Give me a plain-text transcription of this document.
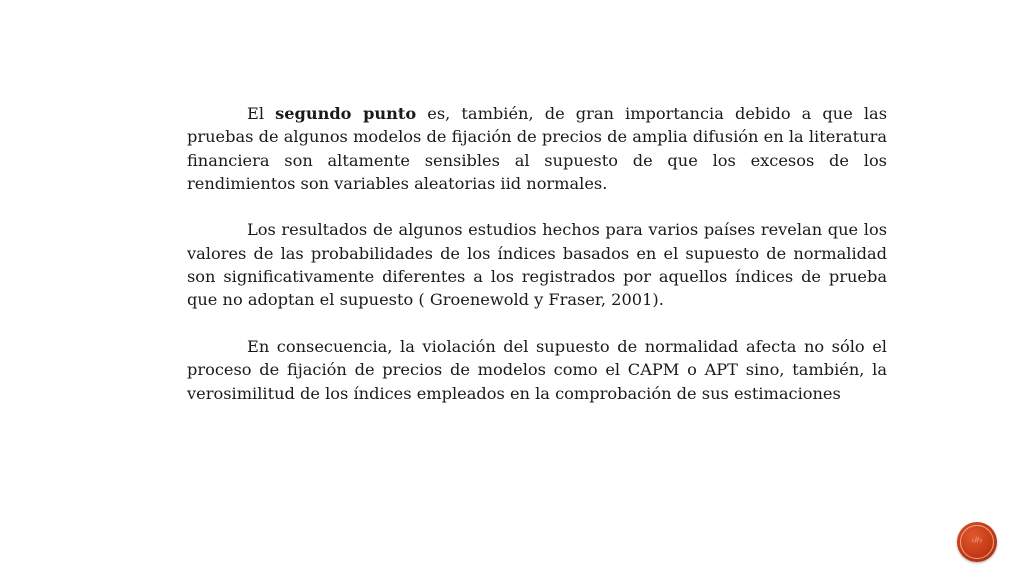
El segundo punto es, también, de gran importancia debido a que las pruebas de algunos modelos de fijación de precios de amplia difusión en la literatura financiera son altamente sensibles al supuesto de que los excesos de los rendimientos son variables aleatorias iid normales.

Los resultados de algunos estudios hechos para varios países revelan que los valores de las probabilidades de los índices basados en el supuesto de normalidad son significativamente diferentes a los registrados por aquellos índices de prueba que no adoptan el supuesto ( Groenewold y Fraser, 2001).

En consecuencia, la violación del supuesto de normalidad afecta no sólo el proceso de fijación de precios de modelos como el CAPM o APT sino, también, la verosimilitud de los índices empleados en la comprobación de sus estimaciones

‹#›
